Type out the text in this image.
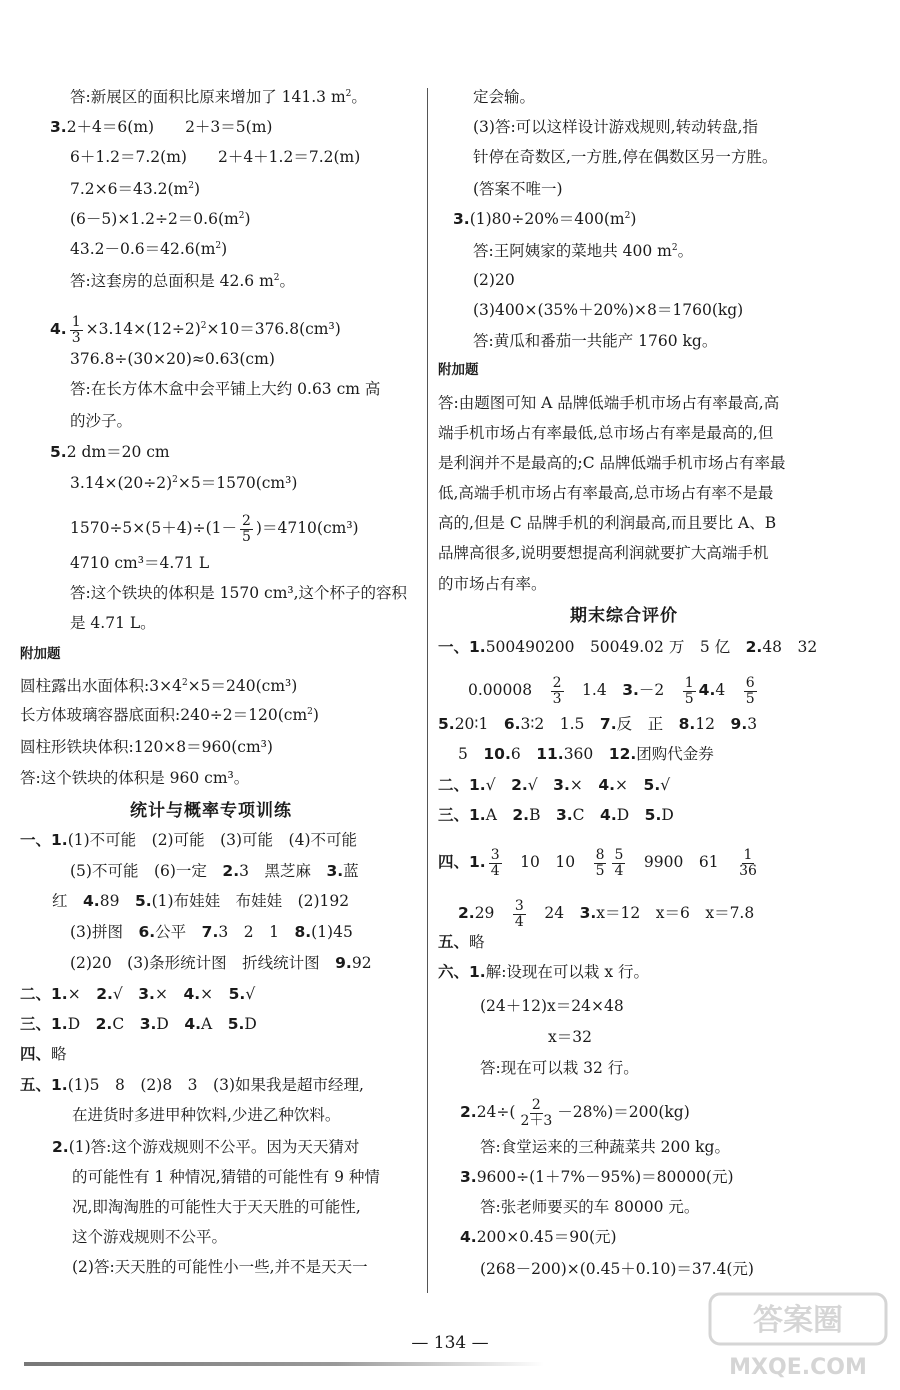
答:新展区的面积比原来增加了 141.3 $m^2$。
3.2＋4＝6(m)　　2＋3＝5(m)
6＋1.2＝7.2(m)　　2＋4＋1.2＝7.2(m)
$7.2\times 6=43.2(m^2)$
$(6-5)\times 1.2\div 2=0.6(m^2)$
$43.2-0.6=42.6(m^2)$
答:这套房的总面积是 42.6 $m^2$。
4. $\frac{1}{3} \times 3.14\times(12\div 2)^2\times 10=376.8(cm^3)$
376.8÷(30×20)≈0.63(cm)
答:在长方体木盒中会平铺上大约 0.63 cm 高
的沙子。
5.2 dm＝20 cm
$3.14\times(20\div 2)^2\times 5=1570(cm^3)$
$1570\div 5\times(5+4)\div(1- \frac{2}{5} )=4710(cm^3)$
4710 cm³＝4.71 L
答:这个铁块的体积是 1570 cm³,这个杯子的容积
是 4.71 L。
附加题
圆柱露出水面体积$:3\times 4^2\times 5=240(cm^3)$
长方体玻璃容器底面积$:240\div 2=120(cm^2)$
圆柱形铁块体积:120×8＝960(cm³)
答:这个铁块的体积是 960 cm³。
统计与概率专项训练
一、1.(1)不可能　(2)可能　(3)可能　(4)不可能
(5)不可能　(6)一定　2.3　黑芝麻　3.蓝
红　4.89　5.(1)布娃娃　布娃娃　(2)192
(3)拼图　6.公平　7.3　2　1　8.(1)45
(2)20　(3)条形统计图　折线统计图　9.92
二、1.×　2.√　3.×　4.×　5.√
三、1.D　2.C　3.D　4.A　5.D
四、略
五、1.(1)5　8　(2)8　3　(3)如果我是超市经理,
在进货时多进甲种饮料,少进乙种饮料。
2.(1)答:这个游戏规则不公平。因为天天猜对
的可能性有 1 种情况,猜错的可能性有 9 种情
况,即淘淘胜的可能性大于天天胜的可能性,
这个游戏规则不公平。
(2)答:天天胜的可能性小一些,并不是天天一
定会输。
(3)答:可以这样设计游戏规则,转动转盘,指
针停在奇数区,一方胜,停在偶数区另一方胜。
(答案不唯一)
$3.(1)80\div 20\%=400(m^2)$
答:王阿姨家的菜地共 400 $m^2$。
(2)20
(3)400×(35%＋20%)×8＝1760(kg)
答:黄瓜和番茄一共能产 1760 kg。
附加题
答:由题图可知 A 品牌低端手机市场占有率最高,高
端手机市场占有率最低,总市场占有率是最高的,但
是利润并不是最高的;C 品牌低端手机市场占有率最
低,高端手机市场占有率最高,总市场占有率不是最
高的,但是 C 品牌手机的利润最高,而且要比 A、B
品牌高很多,说明要想提高利润就要扩大高端手机
的市场占有率。
期末综合评价
一、1.500490200　50049.02 万　5 亿　2.48　32
0.00008　 $\frac{2}{3}$ 　1.4　3.－2　 $\frac{1}{5} 4.4$　 $\frac{6}{5}$
5.20∶1　6.3∶2　1.5　7.反　正　8.12　9.3
5　10.6　11.360　12.团购代金券
二、1.√　2.√　3.×　4.×　5.√
三、1.A　2.B　3.C　4.D　5.D
四、1. $\frac{3}{4}$ 　10　10　 $\frac{8}{5} \frac{5}{4}$ 　9900　61　 $\frac{1}{36}$
2.29　 $\frac{3}{4}$ 　24　3.x＝12　x＝6　x＝7.8
五、略
六、1.解:设现在可以栽 x 行。
(24＋12)x＝24×48
x＝32
答:现在可以栽 32 行。
$2.24\div( \frac{2}{2+3} -28\%)=200(kg)$
答:食堂运来的三种蔬菜共 200 kg。
3.9600÷(1＋7%－95%)＝80000(元)
答:张老师要买的车 80000 元。
4.200×0.45＝90(元)
(268－200)×(0.45＋0.10)＝37.4(元)
— 134 —
答案圈
MXQE.COM
